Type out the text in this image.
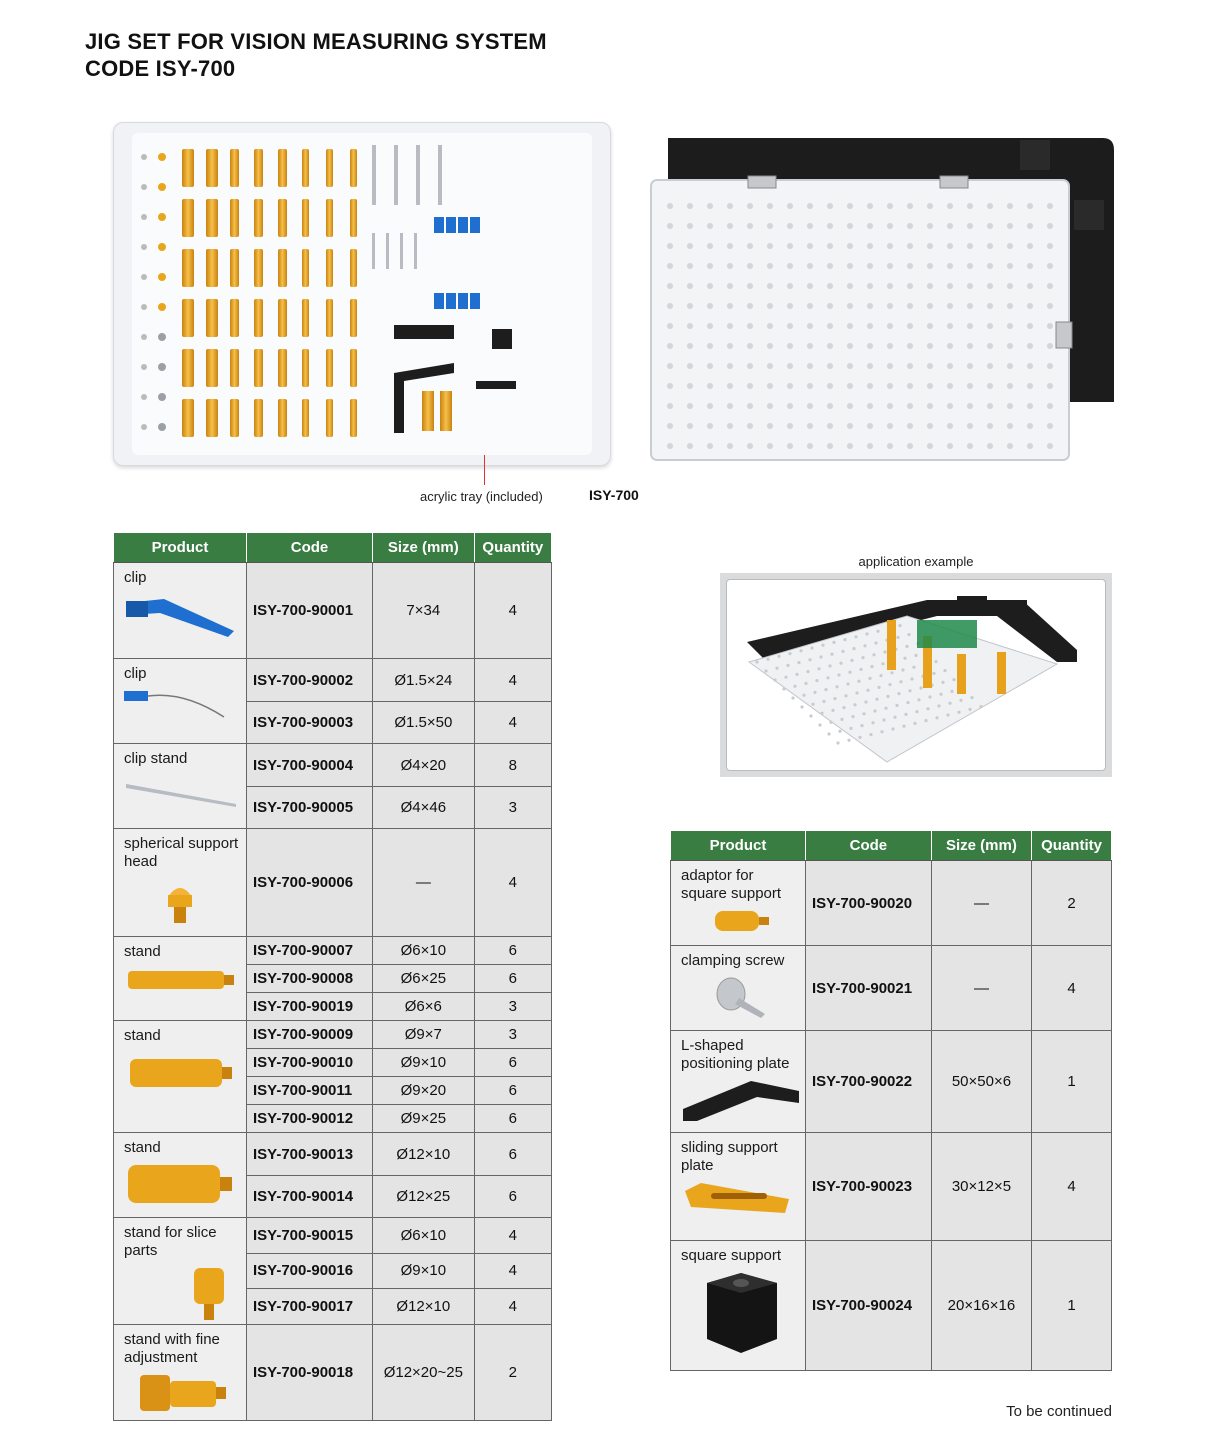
JIG SET FOR VISION MEASURING SYSTEM
CODE ISY-700
acrylic tray (included)	ISY-700
application example
Product	Code	Size (mm)	Quantity

clip	ISY-700-90001	7×34	4

clip	ISY-700-90002	Ø1.5×24	4
	ISY-700-90003	Ø1.5×50	4

clip stand	ISY-700-90004	Ø4×20	8
	ISY-700-90005	Ø4×46	3

spherical support head	ISY-700-90006	—	4

stand	ISY-700-90007	Ø6×10	6
	ISY-700-90008	Ø6×25	6
	ISY-700-90019	Ø6×6	3

stand	ISY-700-90009	Ø9×7	3
	ISY-700-90010	Ø9×10	6
	ISY-700-90011	Ø9×20	6
	ISY-700-90012	Ø9×25	6

stand	ISY-700-90013	Ø12×10	6
	ISY-700-90014	Ø12×25	6

stand for slice parts	ISY-700-90015	Ø6×10	4
	ISY-700-90016	Ø9×10	4
	ISY-700-90017	Ø12×10	4

stand with fine adjustment	ISY-700-90018	Ø12×20~25	2
Product	Code	Size (mm)	Quantity

adaptor for square support	ISY-700-90020	—	2

clamping screw	ISY-700-90021	—	4

L-shaped positioning plate	ISY-700-90022	50×50×6	1

sliding support plate	ISY-700-90023	30×12×5	4

square support	ISY-700-90024	20×16×16	1
To be continued
